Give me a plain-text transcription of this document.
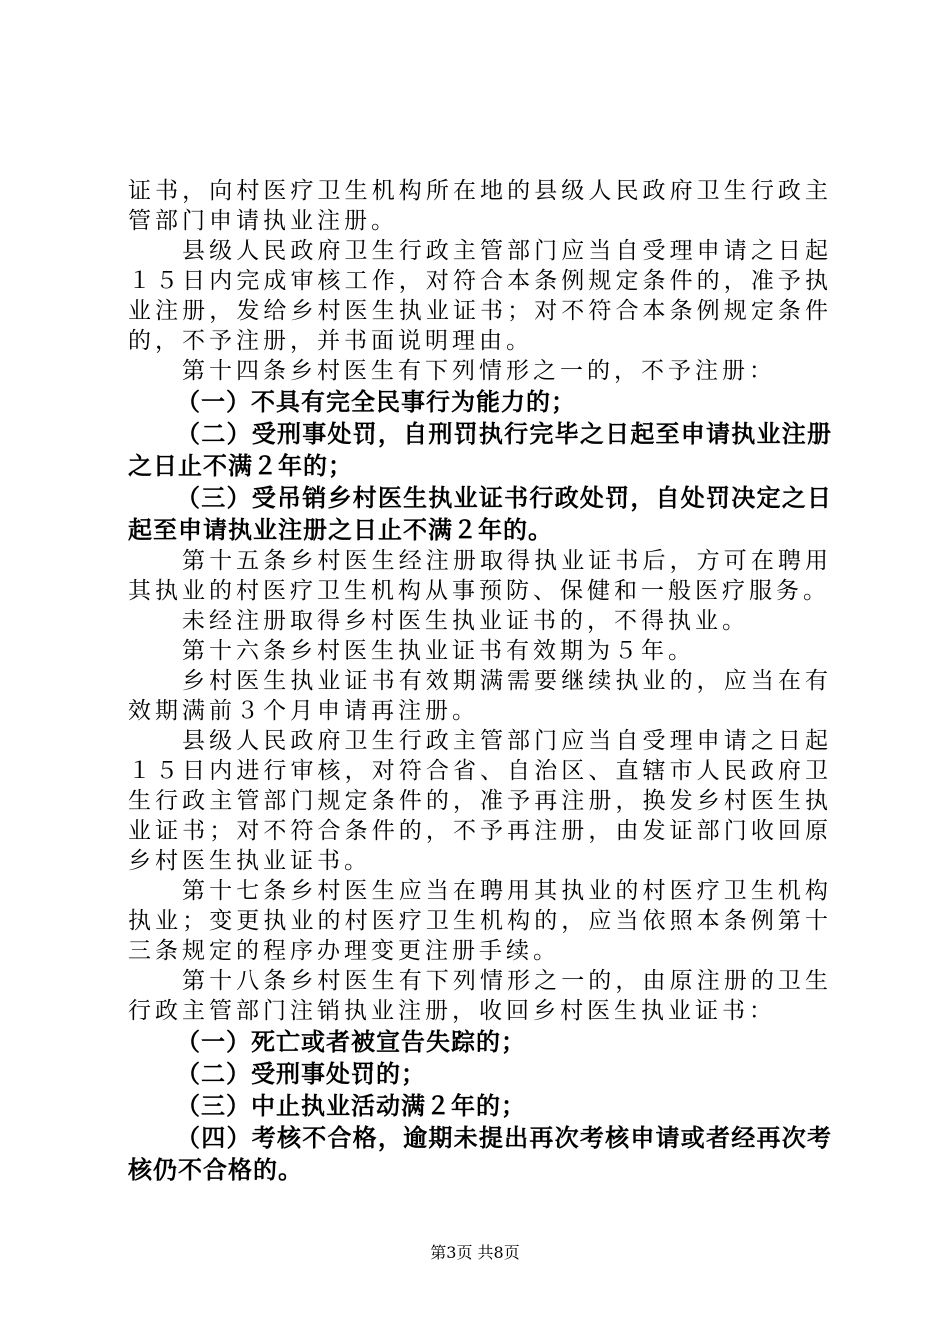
证书，向村医疗卫生机构所在地的县级人民政府卫生行政主管部门申请执业注册。

县级人民政府卫生行政主管部门应当自受理申请之日起１５日内完成审核工作，对符合本条例规定条件的，准予执业注册，发给乡村医生执业证书；对不符合本条例规定条件的，不予注册，并书面说明理由。

第十四条乡村医生有下列情形之一的，不予注册：

（一）不具有完全民事行为能力的；

（二）受刑事处罚，自刑罚执行完毕之日起至申请执业注册之日止不满２年的；

（三）受吊销乡村医生执业证书行政处罚，自处罚决定之日起至申请执业注册之日止不满２年的。

第十五条乡村医生经注册取得执业证书后，方可在聘用其执业的村医疗卫生机构从事预防、保健和一般医疗服务。

未经注册取得乡村医生执业证书的，不得执业。

第十六条乡村医生执业证书有效期为５年。

乡村医生执业证书有效期满需要继续执业的，应当在有效期满前３个月申请再注册。

县级人民政府卫生行政主管部门应当自受理申请之日起１５日内进行审核，对符合省、自治区、直辖市人民政府卫生行政主管部门规定条件的，准予再注册，换发乡村医生执业证书；对不符合条件的，不予再注册，由发证部门收回原乡村医生执业证书。

第十七条乡村医生应当在聘用其执业的村医疗卫生机构执业；变更执业的村医疗卫生机构的，应当依照本条例第十三条规定的程序办理变更注册手续。

第十八条乡村医生有下列情形之一的，由原注册的卫生行政主管部门注销执业注册，收回乡村医生执业证书：

（一）死亡或者被宣告失踪的；

（二）受刑事处罚的；

（三）中止执业活动满２年的；

（四）考核不合格，逾期未提出再次考核申请或者经再次考核仍不合格的。

第3页 共8页
